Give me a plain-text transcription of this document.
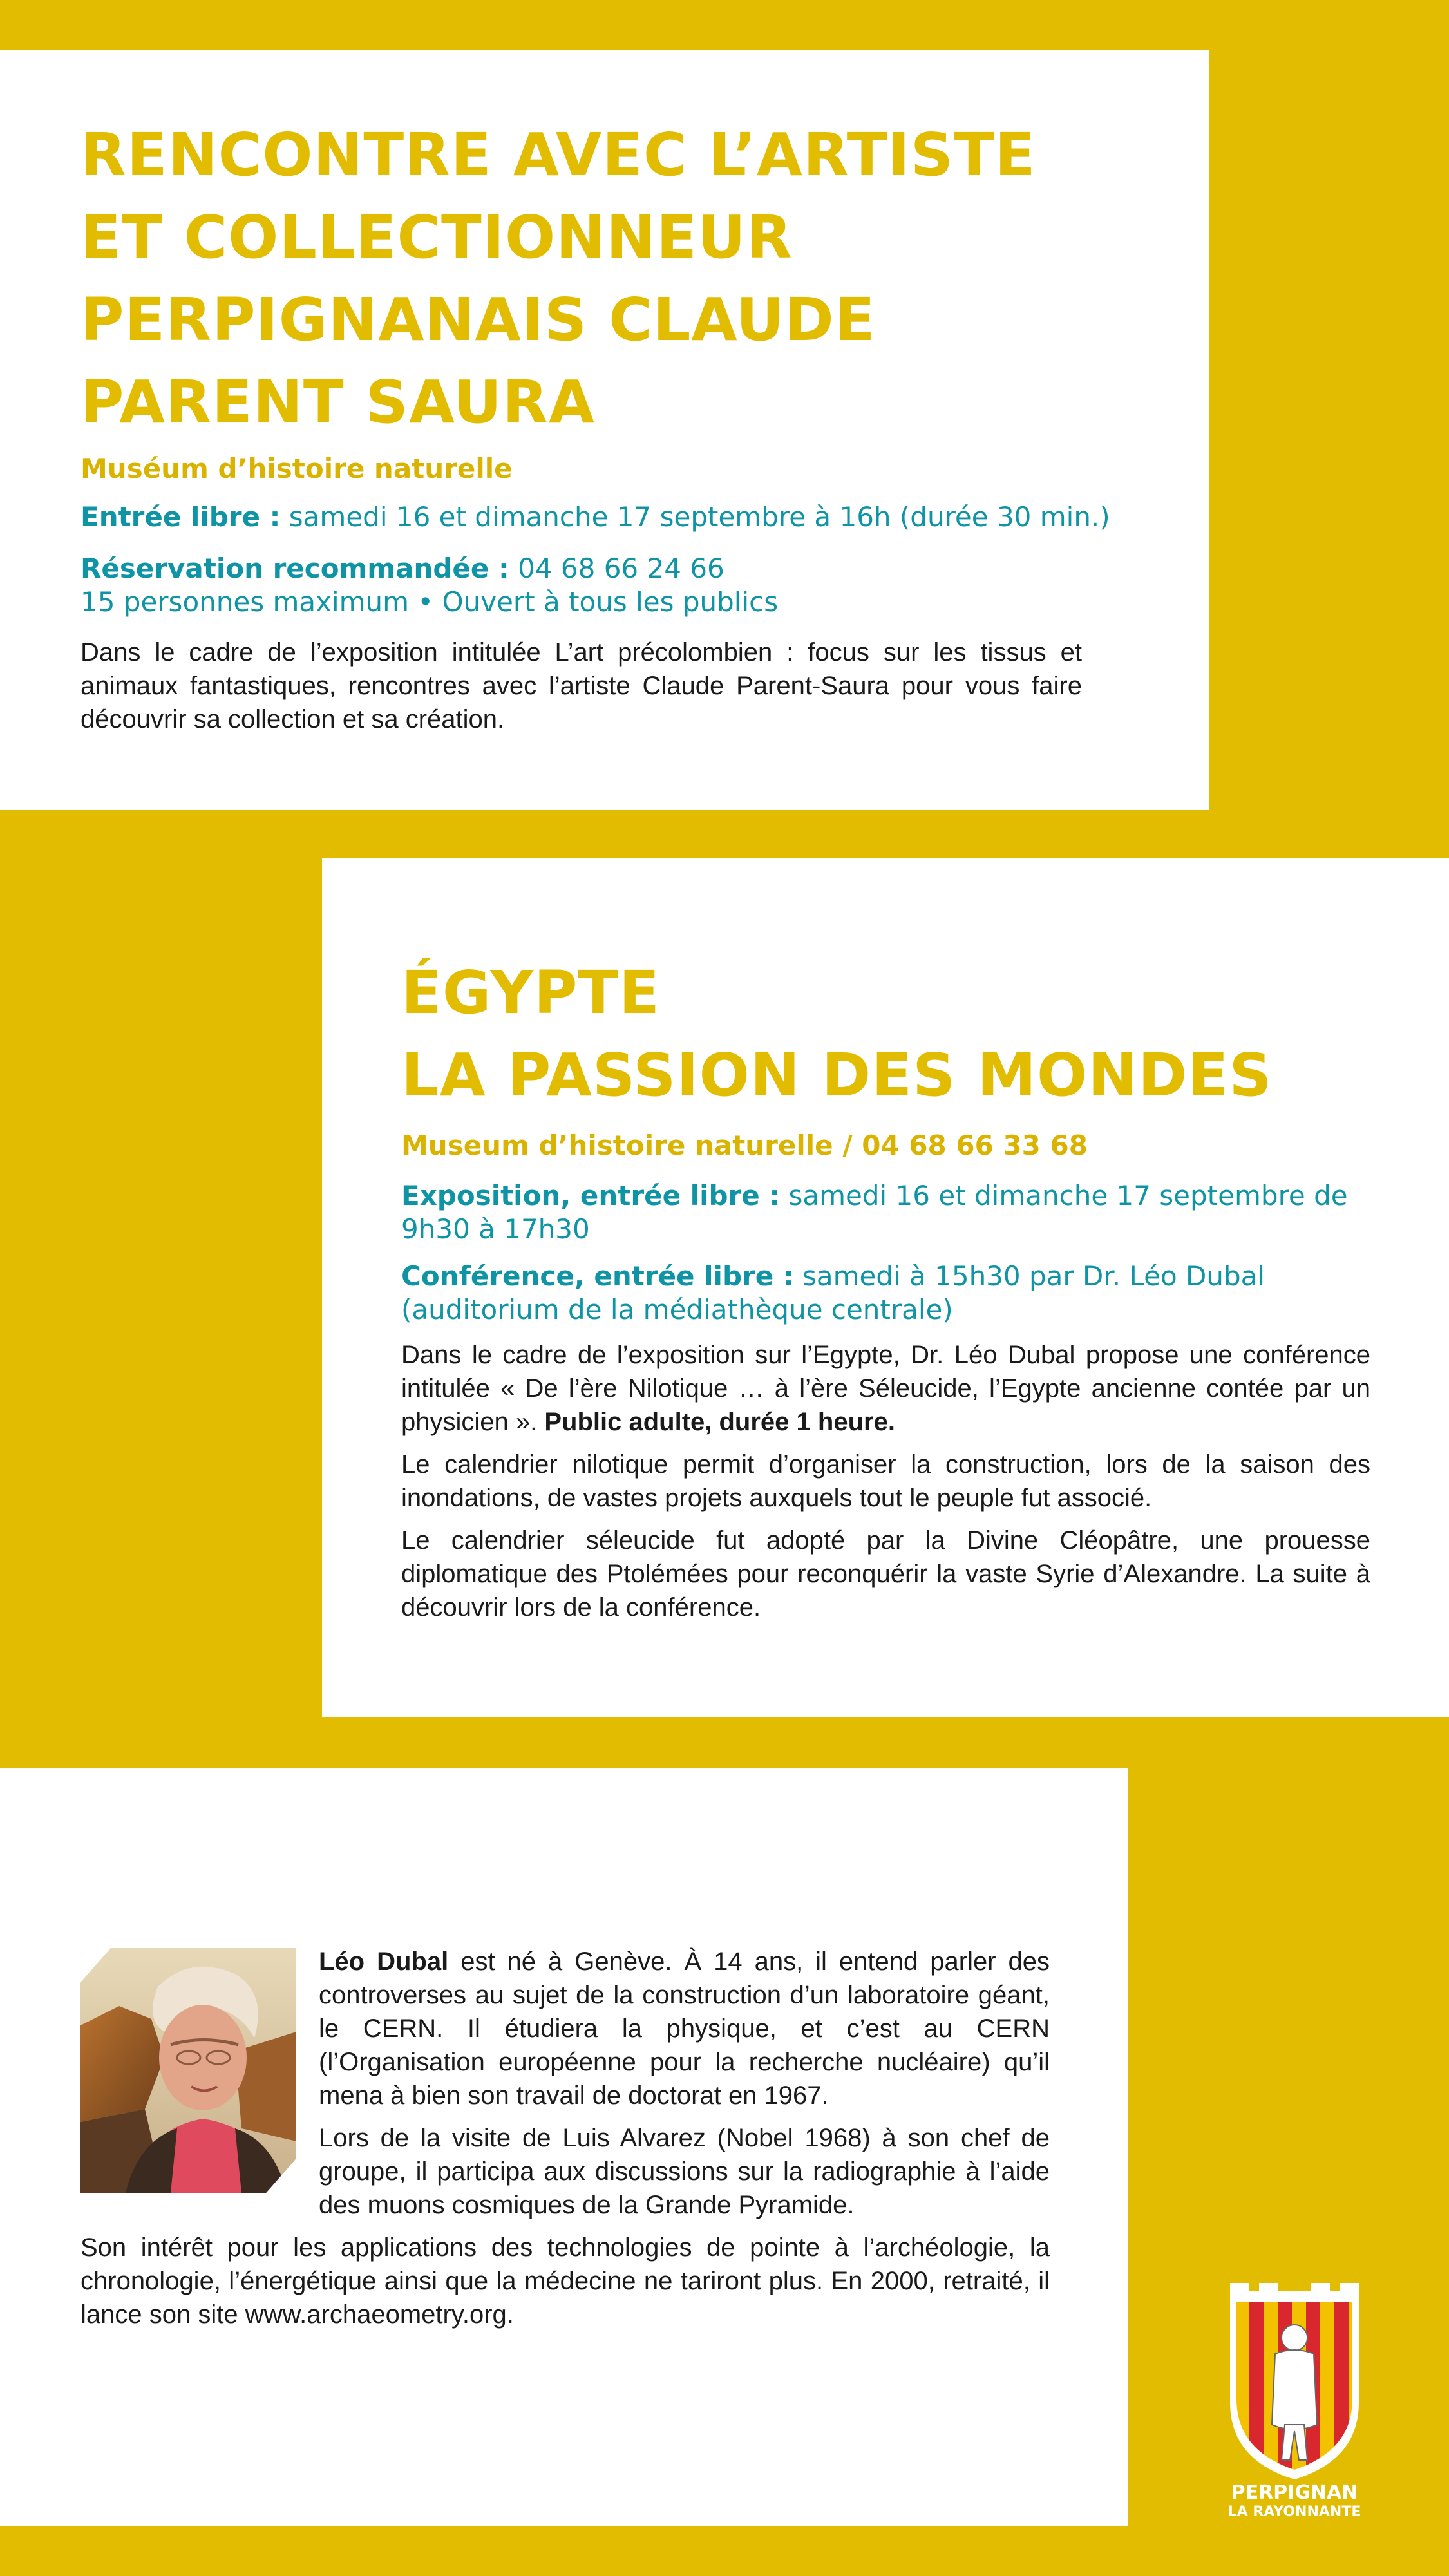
RENCONTRE AVEC L’ARTISTE
ET COLLECTIONNEUR
PERPIGNANAIS CLAUDE
PARENT SAURA
Muséum d’histoire naturelle
Entrée libre : samedi 16 et dimanche 17 septembre à 16h (durée 30 min.)
Réservation recommandée : 04 68 66 24 66
15 personnes maximum • Ouvert à tous les publics

Dans le cadre de l’exposition intitulée L’art précolombien : focus sur les tissus et animaux fantastiques, rencontres avec l’artiste Claude Parent-Saura pour vous faire découvrir sa collection et sa création.

ÉGYPTE
LA PASSION DES MONDES
Museum d’histoire naturelle / 04 68 66 33 68
Exposition, entrée libre : samedi 16 et dimanche 17 septembre de 9h30 à 17h30
Conférence, entrée libre : samedi à 15h30 par Dr. Léo Dubal (auditorium de la médiathèque centrale)

Dans le cadre de l’exposition sur l’Egypte, Dr. Léo Dubal propose une conférence intitulée « De l’ère Nilotique … à l’ère Séleucide, l’Egypte ancienne contée par un physicien ». Public adulte, durée 1 heure.

Le calendrier nilotique permit d’organiser la construction, lors de la saison des inondations, de vastes projets auxquels tout le peuple fut associé.

Le calendrier séleucide fut adopté par la Divine Cléopâtre, une prouesse diplomatique des Ptolémées pour reconquérir la vaste Syrie d’Alexandre. La suite à découvrir lors de la conférence.

Léo Dubal est né à Genève. À 14 ans, il entend parler des controverses au sujet de la construction d’un laboratoire géant, le CERN. Il étudiera la physique, et c’est au CERN (l’Organisation européenne pour la recherche nucléaire) qu’il mena à bien son travail de doctorat en 1967.

Lors de la visite de Luis Alvarez (Nobel 1968) à son chef de groupe, il participa aux discussions sur la radiographie à l’aide des muons cosmiques de la Grande Pyramide.

Son intérêt pour les applications des technologies de pointe à l’archéologie, la chronologie, l’énergétique ainsi que la médecine ne tariront plus. En 2000, retraité, il lance son site www.archaeometry.org.

PERPIGNAN
LA RAYONNANTE
